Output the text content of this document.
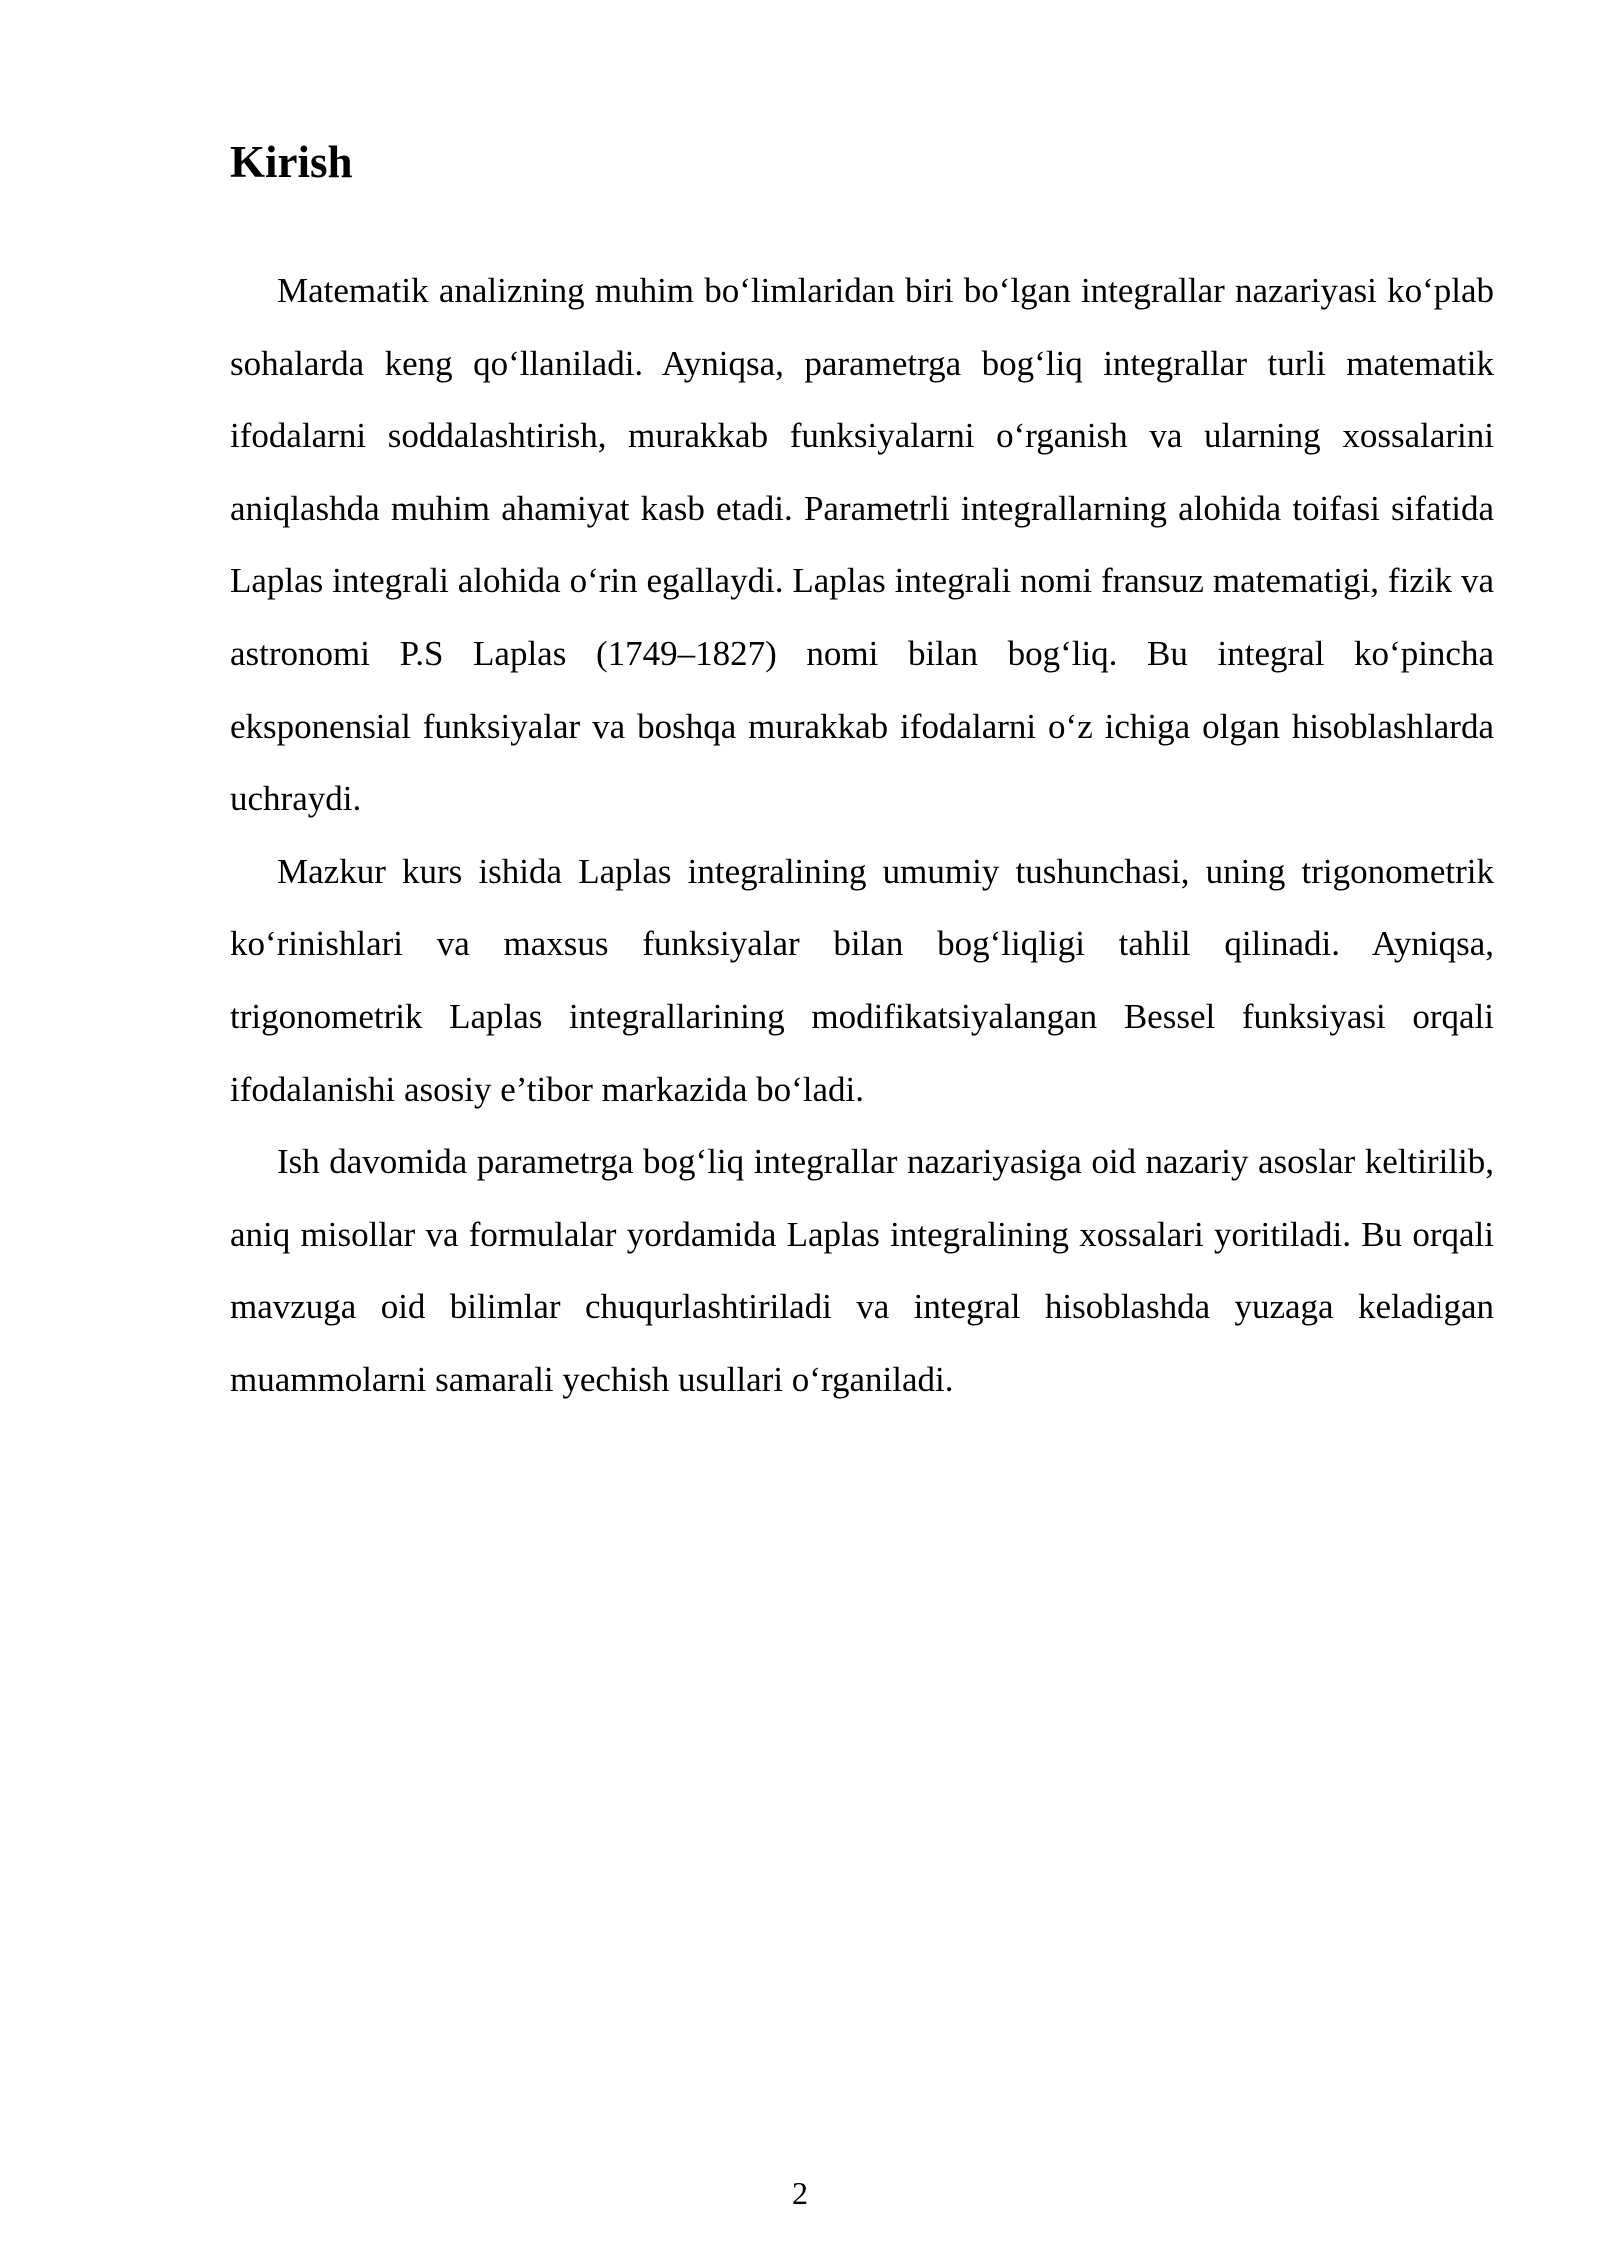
Kirish

Matematik analizning muhim bo‘limlaridan biri bo‘lgan integrallar nazariyasi ko‘plab sohalarda keng qo‘llaniladi. Ayniqsa, parametrga bog‘liq integrallar turli matematik ifodalarni soddalashtirish, murakkab funksiyalarni o‘rganish va ularning xossalarini aniqlashda muhim ahamiyat kasb etadi. Parametrli integrallarning alohida toifasi sifatida Laplas integrali alohida o‘rin egallaydi. Laplas integrali nomi fransuz matematigi, fizik va astronomi P.S Laplas (1749–1827) nomi bilan bog‘liq. Bu integral ko‘pincha eksponensial funksiyalar va boshqa murakkab ifodalarni o‘z ichiga olgan hisoblashlarda uchraydi.

Mazkur kurs ishida Laplas integralining umumiy tushunchasi, uning trigonometrik ko‘rinishlari va maxsus funksiyalar bilan bog‘liqligi tahlil qilinadi. Ayniqsa, trigonometrik Laplas integrallarining modifikatsiyalangan Bessel funksiyasi orqali ifodalanishi asosiy e’tibor markazida bo‘ladi.

Ish davomida parametrga bog‘liq integrallar nazariyasiga oid nazariy asoslar keltirilib, aniq misollar va formulalar yordamida Laplas integralining xossalari yoritiladi. Bu orqali mavzuga oid bilimlar chuqurlashtiriladi va integral hisoblashda yuzaga keladigan muammolarni samarali yechish usullari o‘rganiladi.

2
